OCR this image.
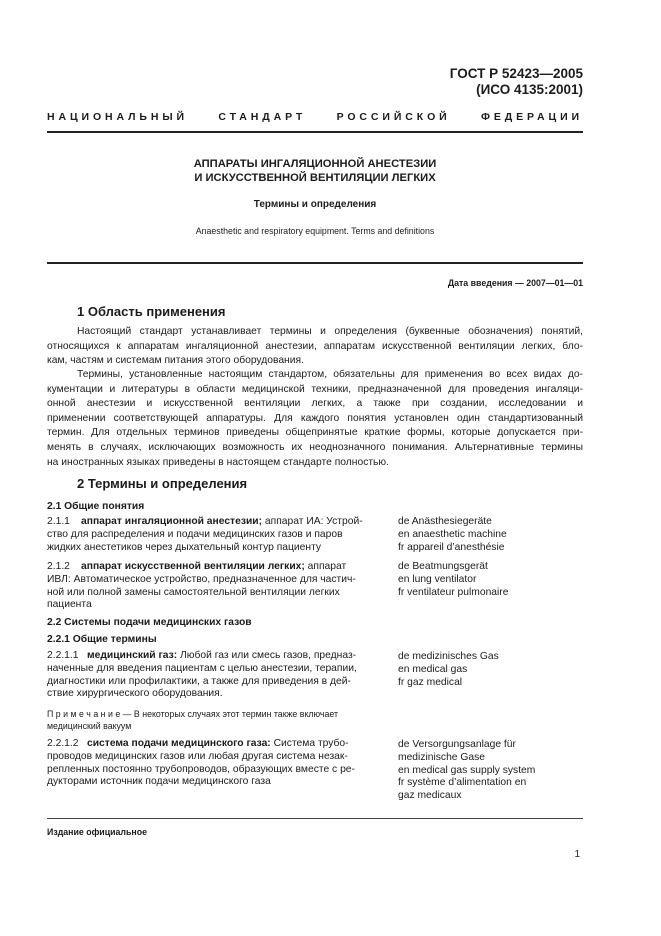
ГОСТ Р 52423—2005
(ИСО 4135:2001)
НАЦИОНАЛЬНЫЙ СТАНДАРТ РОССИЙСКОЙ ФЕДЕРАЦИИ
АППАРАТЫ ИНГАЛЯЦИОННОЙ АНЕСТЕЗИИ
И ИСКУССТВЕННОЙ ВЕНТИЛЯЦИИ ЛЕГКИХ
Термины и определения
Anaesthetic and respiratory equipment. Terms and definitions
Дата введения — 2007—01—01
1 Область применения
Настоящий стандарт устанавливает термины и определения (буквенные обозначения) понятий,
относящихся к аппаратам ингаляционной анестезии, аппаратам искусственной вентиляции легких, бло-
кам, частям и системам питания этого оборудования.
Термины, установленные настоящим стандартом, обязательны для применения во всех видах до-
кументации и литературы в области медицинской техники, предназначенной для проведения ингаляци-
онной анестезии и искусственной вентиляции легких, а также при создании, исследовании и
применении соответствующей аппаратуры. Для каждого понятия установлен один стандартизованный
термин. Для отдельных терминов приведены общепринятые краткие формы, которые допускается при-
менять в случаях, исключающих возможность их неоднозначного понимания. Альтернативные термины
на иностранных языках приведены в настоящем стандарте полностью.
2 Термины и определения
2.1 Общие понятия
2.1.1 аппарат ингаляционной анестезии; аппарат ИА: Устрой-
ство для распределения и подачи медицинских газов и паров
жидких анестетиков через дыхательный контур пациенту
de Anästhesiegeräte
en anaesthetic machine
fr appareil d’anesthésie
2.1.2 аппарат искусственной вентиляции легких; аппарат
ИВЛ: Автоматическое устройство, предназначенное для частич-
ной или полной замены самостоятельной вентиляции легких
пациента
de Beatmungsgerät
en lung ventilator
fr ventilateur pulmonaire
2.2 Системы подачи медицинских газов
2.2.1 Общие термины
2.2.1.1 медицинский газ: Любой газ или смесь газов, предназ-
наченные для введения пациентам с целью анестезии, терапии,
диагностики или профилактики, а также для приведения в дей-
ствие хирургического оборудования.
de medizinisches Gas
en medical gas
fr gaz medical
П р и м е ч а н и е — В некоторых случаях этот термин также включает
медицинский вакуум
2.2.1.2 система подачи медицинского газа: Система трубо-
проводов медицинских газов или любая другая система незак-
репленных постоянно трубопроводов, образующих вместе с ре-
дукторами источник подачи медицинского газа
de Versorgungsanlage für
medizinische Gase
en medical gas supply system
fr système d’alimentation en
gaz medicaux
Издание официальное
1
